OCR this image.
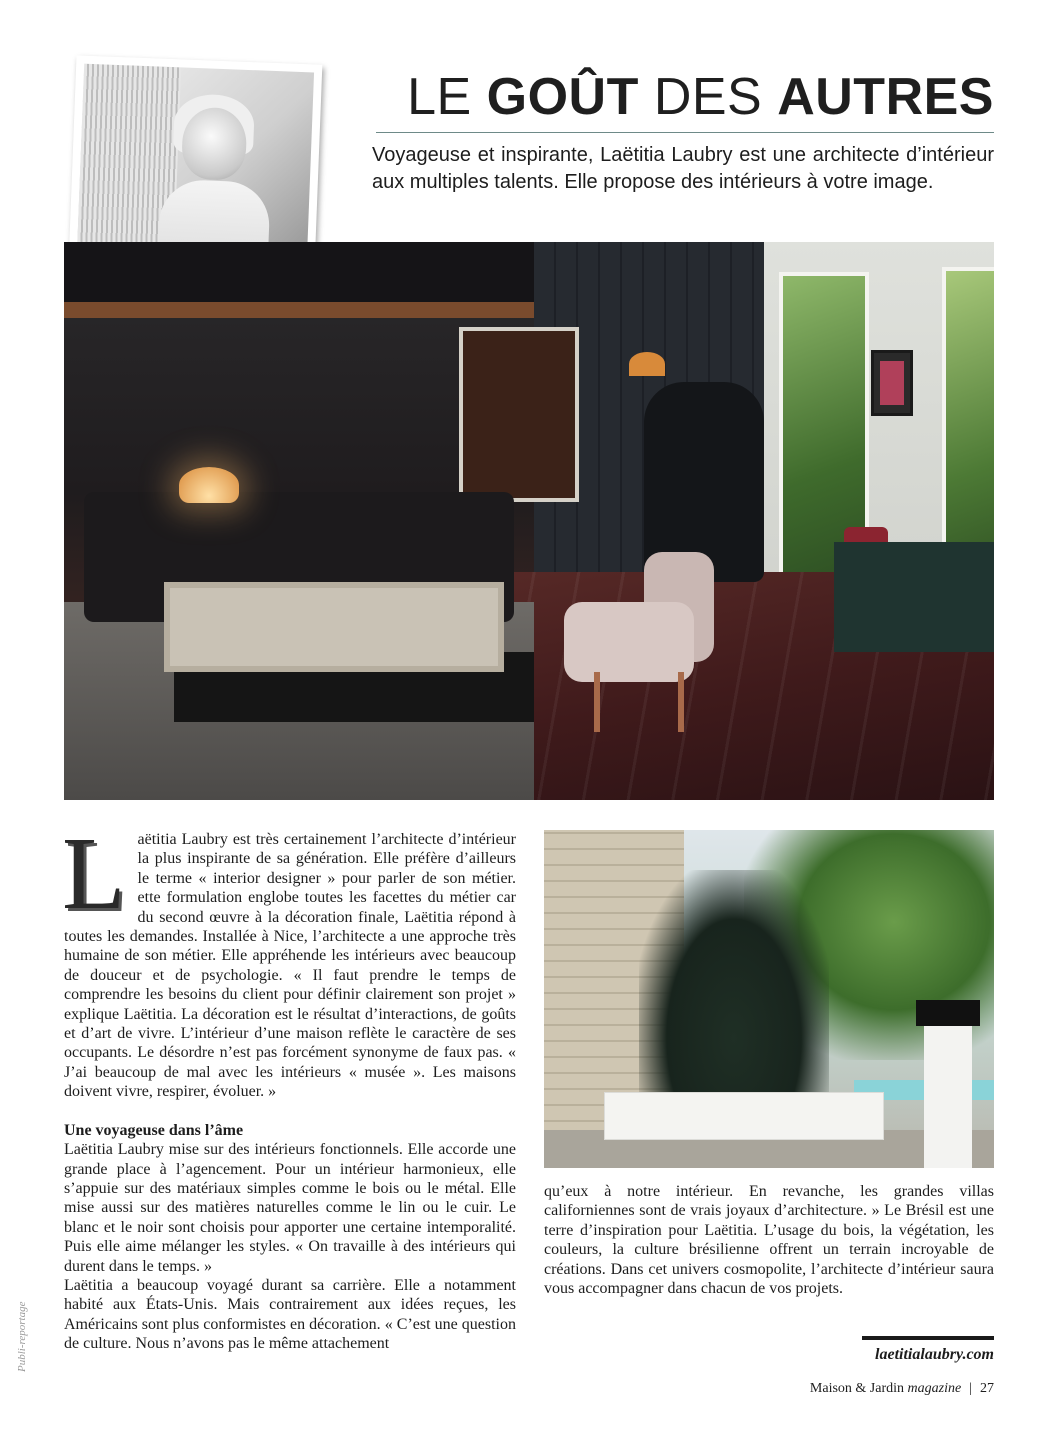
LE GOÛT DES AUTRES

Voyageuse et inspirante, Laëtitia Laubry est une architecte d’intérieur aux multiples talents. Elle propose des intérieurs à votre image.

Laëtitia Laubry est très certainement l’architecte d’intérieur la plus inspirante de sa génération. Elle préfère d’ailleurs le terme « interior designer » pour parler de son métier. ette formulation englobe toutes les facettes du métier car du second œuvre à la décoration finale, Laëtitia répond à toutes les demandes. Installée à Nice, l’architecte a une approche très humaine de son métier. Elle appréhende les intérieurs avec beaucoup de douceur et de psychologie. « Il faut prendre le temps de comprendre les besoins du client pour définir clairement son projet » explique Laëtitia. La décoration est le résultat d’interactions, de goûts et d’art de vivre. L’intérieur d’une maison reflète le caractère de ses occupants. Le désordre n’est pas forcément synonyme de faux pas. « J’ai beaucoup de mal avec les intérieurs « musée ». Les maisons doivent vivre, respirer, évoluer. »

Une voyageuse dans l’âme

Laëtitia Laubry mise sur des intérieurs fonctionnels. Elle accorde une grande place à l’agencement. Pour un intérieur harmonieux, elle s’appuie sur des matériaux simples comme le bois ou le métal. Elle mise aussi sur des matières naturelles comme le lin ou le cuir. Le blanc et le noir sont choisis pour apporter une certaine intemporalité. Puis elle aime mélanger les styles. « On travaille à des intérieurs qui durent dans le temps. »

Laëtitia a beaucoup voyagé durant sa carrière. Elle a notamment habité aux États-Unis. Mais contrairement aux idées reçues, les Américains sont plus conformistes en décoration. « C’est une question de culture. Nous n’avons pas le même attachement

qu’eux à notre intérieur. En revanche, les grandes villas californiennes sont de vrais joyaux d’architecture. » Le Brésil est une terre d’inspiration pour Laëtitia. L’usage du bois, la végétation, les couleurs, la culture brésilienne offrent un terrain incroyable de créations. Dans cet univers cosmopolite, l’architecte d’intérieur saura vous accompagner dans chacun de vos projets.

Publi-reportage	laetitialaubry.com
Maison & Jardin magazine | 27
